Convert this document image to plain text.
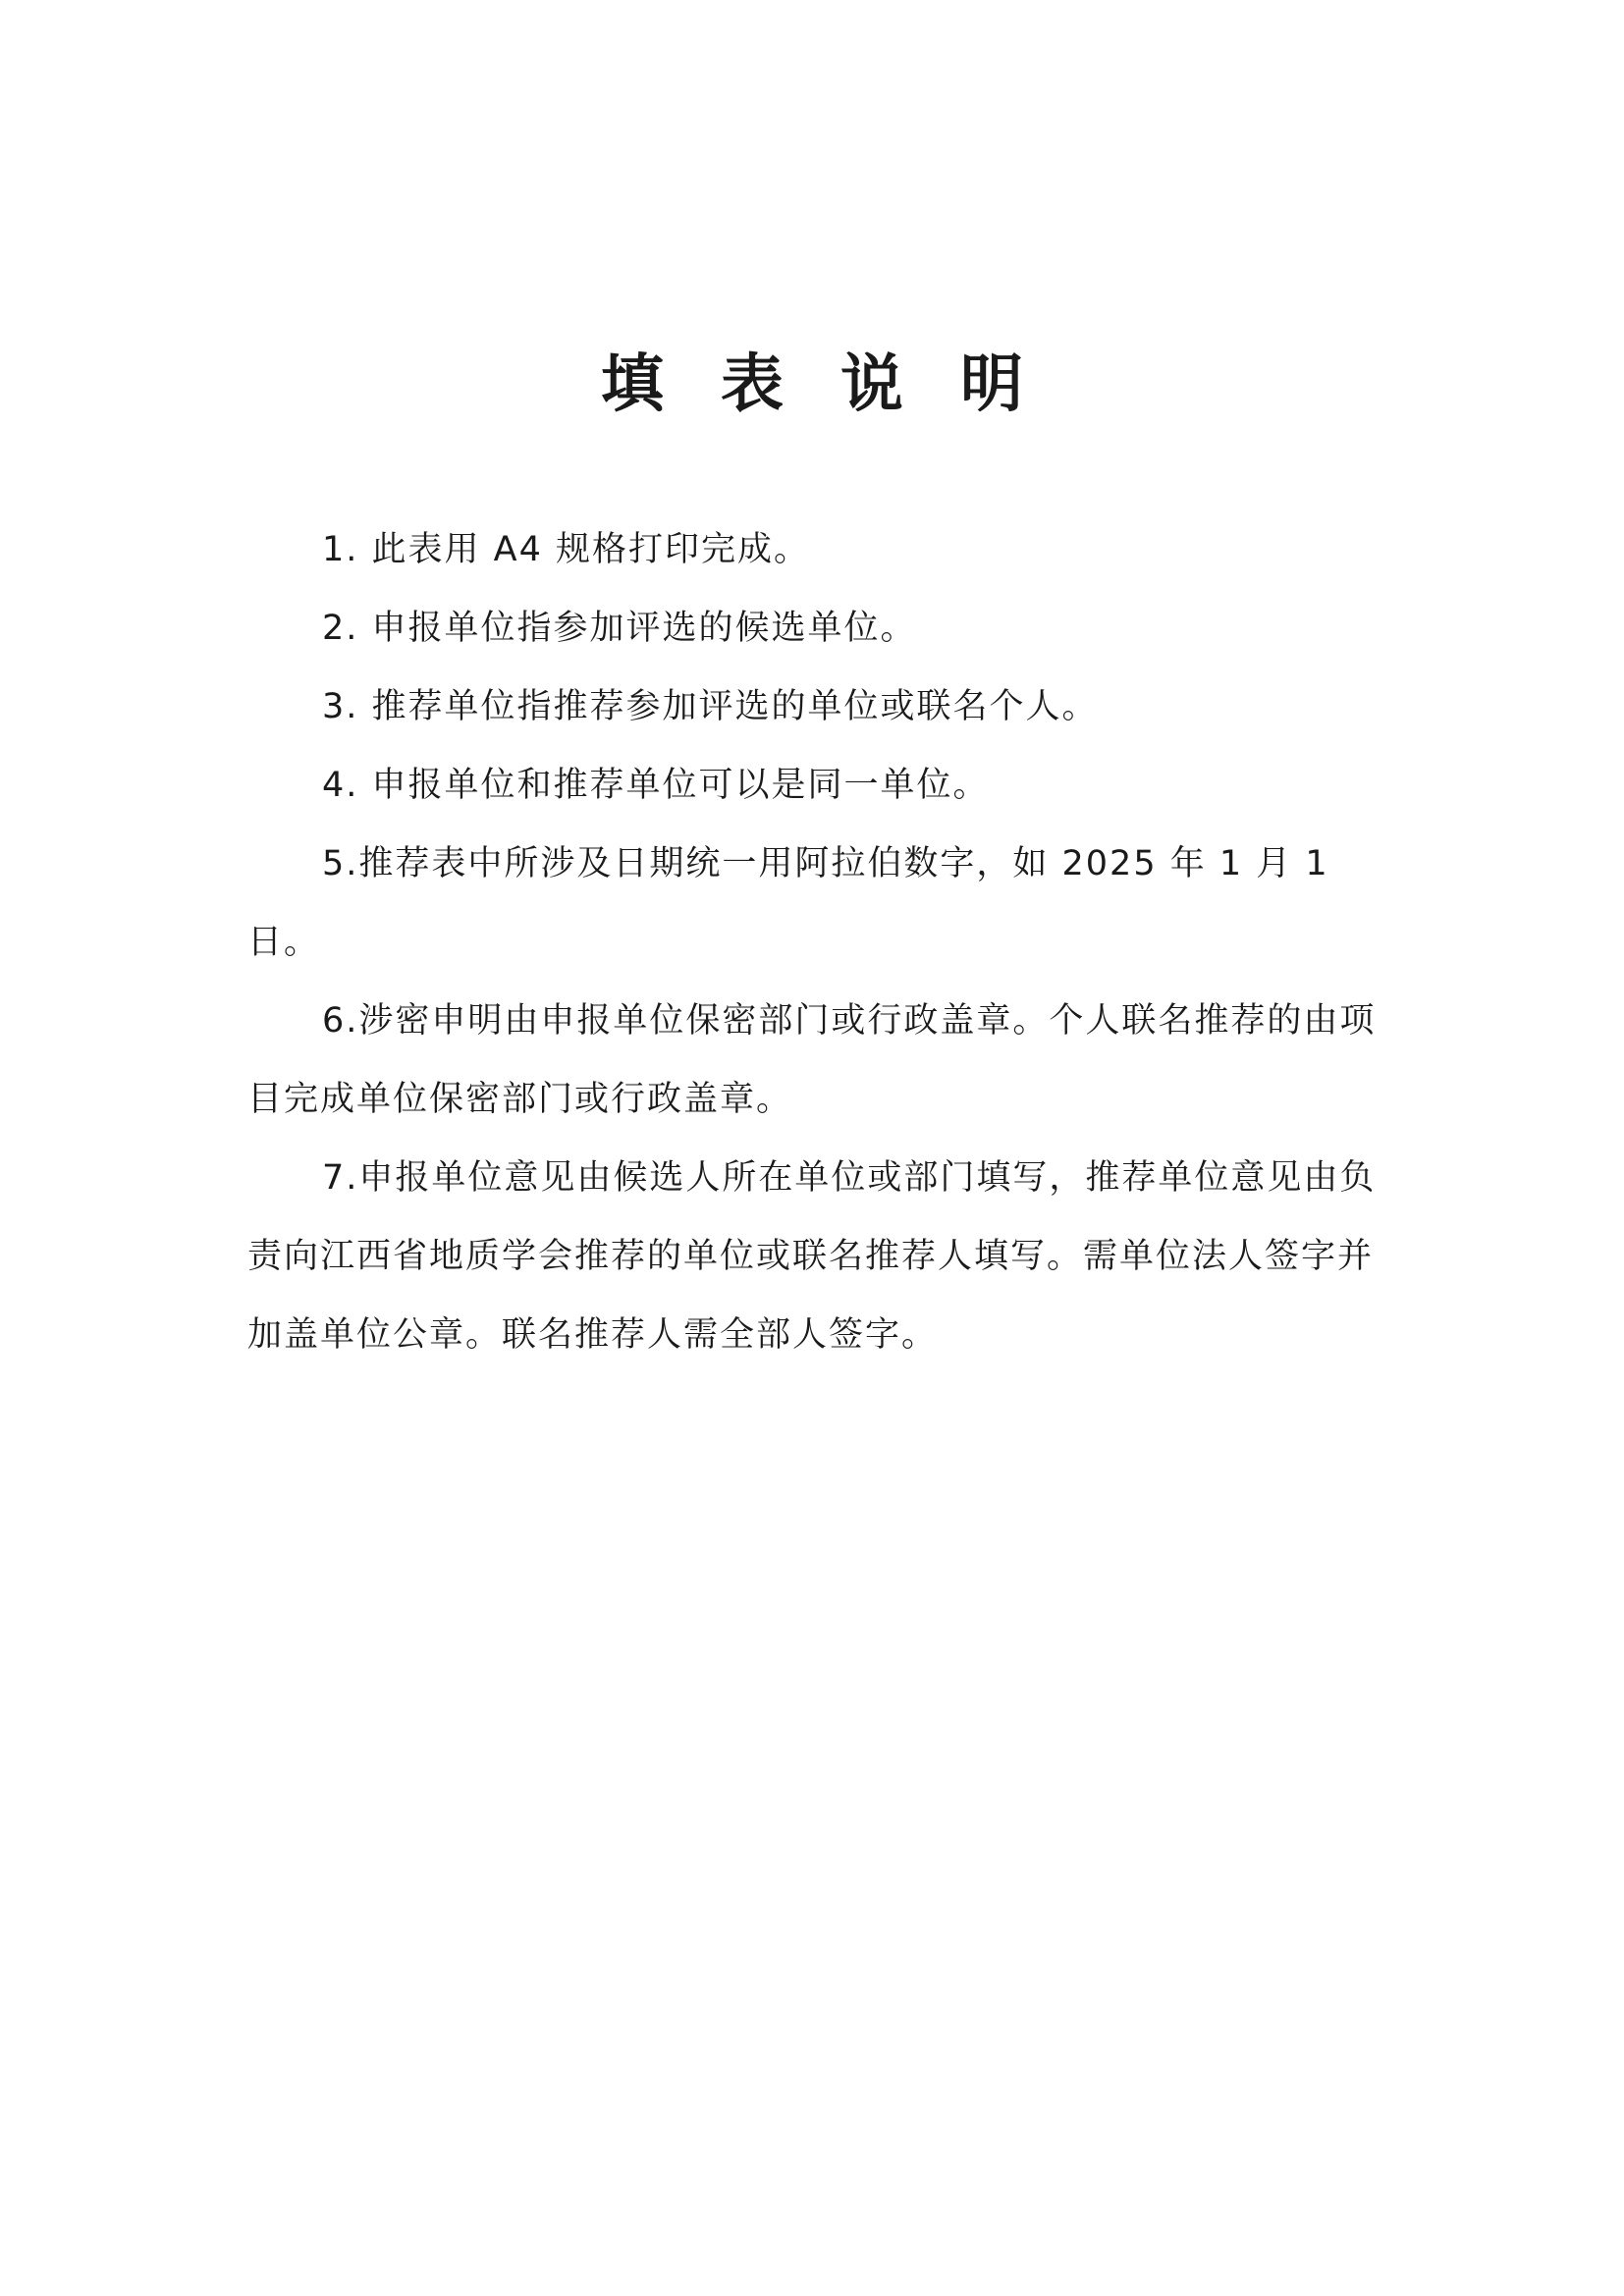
填表说明

1. 此表用 A4 规格打印完成。

2. 申报单位指参加评选的候选单位。

3. 推荐单位指推荐参加评选的单位或联名个人。

4. 申报单位和推荐单位可以是同一单位。

5.推荐表中所涉及日期统一用阿拉伯数字，如 2025 年 1 月 1 日。

6.涉密申明由申报单位保密部门或行政盖章。个人联名推荐的由项目完成单位保密部门或行政盖章。

7.申报单位意见由候选人所在单位或部门填写，推荐单位意见由负责向江西省地质学会推荐的单位或联名推荐人填写。需单位法人签字并加盖单位公章。联名推荐人需全部人签字。
